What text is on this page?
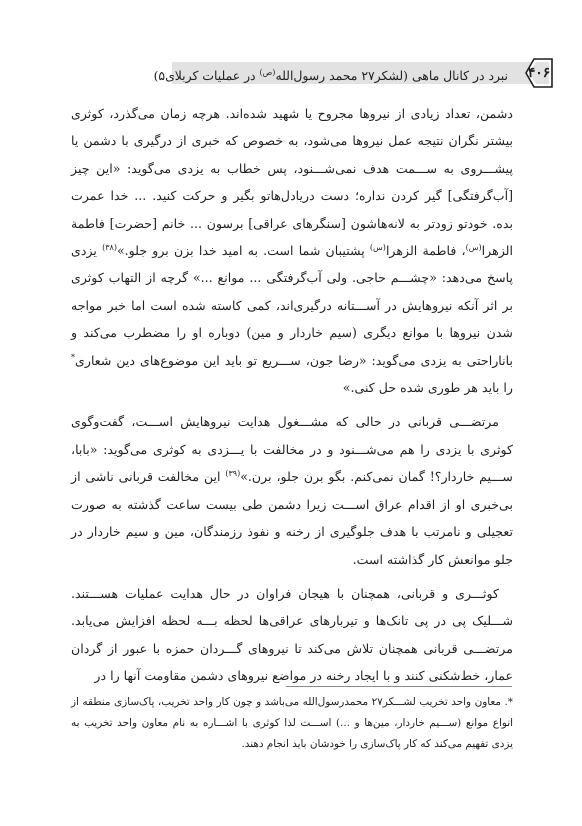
نبرد در کانال ماهی (لشکر۲۷ محمد رسول‌الله$^{(ص)}$ در عملیات کربلای۵)	۴۰۶

دشمن، تعداد زیادی از نیروها مجروح یا شهید شده‌اند. هرچه زمان می‌گذرد، کوثری بیشتر نگران نتیجه عمل نیروها می‌شود، به خصوص که خبری از درگیری با دشمن یا پیشـــروی به ســـمت هدف نمی‌شـــنود، پس خطاب به یزدی می‌گوید: «این چیز [آب‌گرفتگی] گیر کردن نداره؛ دست دریادل‌هاتو بگیر و حرکت کنید. ... خدا عمرت بده. خودتو زودتر به لانه‌هاشون [سنگرهای عراقی] برسون ... خانم [حضرت] فاطمة الزهرا$^{(س)}$، فاطمة الزهرا$^{(س)}$ پشتیبان شما است. به امید خدا بزن برو جلو.»$^{(۳۸)}$ یزدی پاسخ می‌دهد: «چشـــم حاجی. ولی آب‌گرفتگی ... موانع ...» گرچه از التهاب کوثری بر اثر آنکه نیروهایش در آســـتانه درگیری‌اند، کمی کاسته شده است اما خبر مواجه شدن نیروها با موانع دیگری (سیم خاردار و مین) دوباره او را مضطرب می‌کند و باناراحتی به یزدی می‌گوید: «رضا جون، ســـریع تو باید این موضوع‌های دین شعاری* را باید هر طوری شده حل کنی.»

مرتضـــی قربانی در حالی که مشـــغول هدایت نیروهایش اســـت، گفت‌وگوی کوثری با یزدی را هم می‌شـــنود و در مخالفت با یـــزدی به کوثری می‌گوید: «بابا، ســـیم خاردار؟! گمان نمی‌کنم. بگو برن جلو، برن.»$^{(۳۹)}$ این مخالفت قربانی ناشی از بی‌خبری او از اقدام عراق اســـت زیرا دشمن طی بیست ساعت گذشته به صورت تعجیلی و نامرتب با هدف جلوگیری از رخنه و نفوذ رزمندگان، مین و سیم خاردار در جلو موانعش کار گذاشته است.

کوثـــری و قربانی، همچنان با هیجان فراوان در حال هدایت عملیات هســـتند. شـــلیک پی در پی تانک‌ها و تیربارهای عراقی‌ها لحظه بـــه لحظه افزایش می‌یابد. مرتضـــی قربانی همچنان تلاش می‌کند تا نیروهای گـــردان حمزه با عبور از گردان عمار، خط‌شکنی کنند و با ایجاد رخنه در مواضع نیروهای دشمن مقاومت آنها را در

*. معاون واحد تخریب لشـــکر۲۷ محمدرسول‌الله می‌باشد و چون کار واحد تخریب، پاک‌سازی منطقه از انواع موانع (ســـیم خاردار، مین‌ها و ...) اســـت لذا کوثری با اشـــاره به نام معاون واحد تخریب به یزدی تفهیم می‌کند که کار پاک‌سازی را خودشان باید انجام دهند.
